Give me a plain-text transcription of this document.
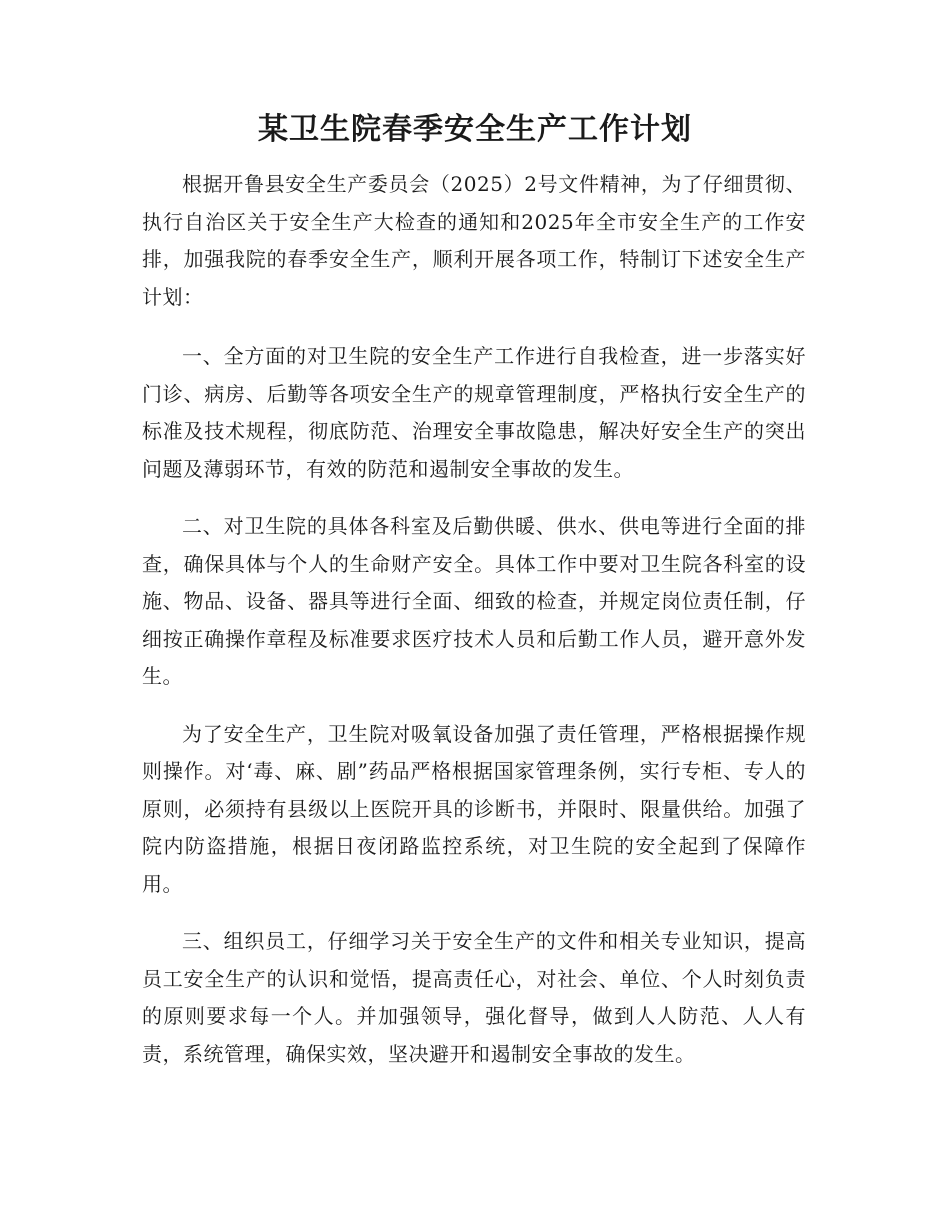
某卫生院春季安全生产工作计划

根据开鲁县安全生产委员会（2025）2号文件精神，为了仔细贯彻、执行自治区关于安全生产大检查的通知和2025年全市安全生产的工作安排，加强我院的春季安全生产，顺利开展各项工作，特制订下述安全生产计划：

一、全方面的对卫生院的安全生产工作进行自我检查，进一步落实好门诊、病房、后勤等各项安全生产的规章管理制度，严格执行安全生产的标准及技术规程，彻底防范、治理安全事故隐患，解决好安全生产的突出问题及薄弱环节，有效的防范和遏制安全事故的发生。

二、对卫生院的具体各科室及后勤供暖、供水、供电等进行全面的排查，确保具体与个人的生命财产安全。具体工作中要对卫生院各科室的设施、物品、设备、器具等进行全面、细致的检查，并规定岗位责任制，仔细按正确操作章程及标准要求医疗技术人员和后勤工作人员，避开意外发生。

为了安全生产，卫生院对吸氧设备加强了责任管理，严格根据操作规则操作。对‘毒、麻、剧”药品严格根据国家管理条例，实行专柜、专人的原则，必须持有县级以上医院开具的诊断书，并限时、限量供给。加强了院内防盗措施，根据日夜闭路监控系统，对卫生院的安全起到了保障作用。

三、组织员工，仔细学习关于安全生产的文件和相关专业知识，提高员工安全生产的认识和觉悟，提高责任心，对社会、单位、个人时刻负责的原则要求每一个人。并加强领导，强化督导，做到人人防范、人人有责，系统管理，确保实效，坚决避开和遏制安全事故的发生。
